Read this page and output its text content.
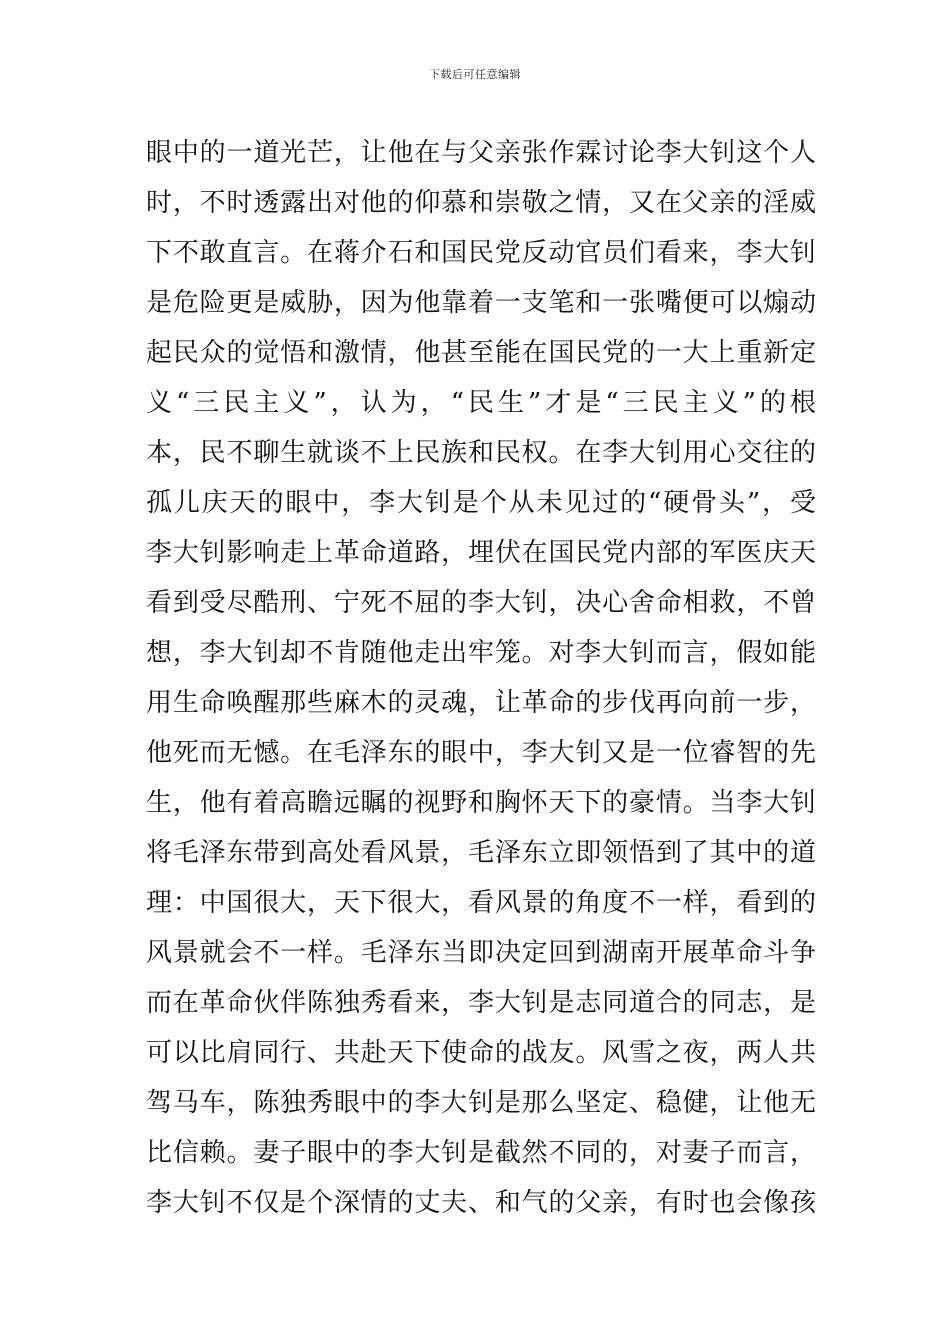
下载后可任意编辑
眼中的一道光芒，让他在与父亲张作霖讨论李大钊这个人
时，不时透露出对他的仰慕和崇敬之情，又在父亲的淫威
下不敢直言。在蒋介石和国民党反动官员们看来，李大钊
是危险更是威胁，因为他靠着一支笔和一张嘴便可以煽动
起民众的觉悟和激情，他甚至能在国民党的一大上重新定
义“三民主义”，认为，“民生”才是“三民主义”的根
本，民不聊生就谈不上民族和民权。在李大钊用心交往的
孤儿庆天的眼中，李大钊是个从未见过的“硬骨头”，受
李大钊影响走上革命道路，埋伏在国民党内部的军医庆天
看到受尽酷刑、宁死不屈的李大钊，决心舍命相救，不曾
想，李大钊却不肯随他走出牢笼。对李大钊而言，假如能
用生命唤醒那些麻木的灵魂，让革命的步伐再向前一步，
他死而无憾。在毛泽东的眼中，李大钊又是一位睿智的先
生，他有着高瞻远瞩的视野和胸怀天下的豪情。当李大钊
将毛泽东带到高处看风景，毛泽东立即领悟到了其中的道
理：中国很大，天下很大，看风景的角度不一样，看到的
风景就会不一样。毛泽东当即决定回到湖南开展革命斗争
而在革命伙伴陈独秀看来，李大钊是志同道合的同志，是
可以比肩同行、共赴天下使命的战友。风雪之夜，两人共
驾马车，陈独秀眼中的李大钊是那么坚定、稳健，让他无
比信赖。妻子眼中的李大钊是截然不同的，对妻子而言，
李大钊不仅是个深情的丈夫、和气的父亲，有时也会像孩
